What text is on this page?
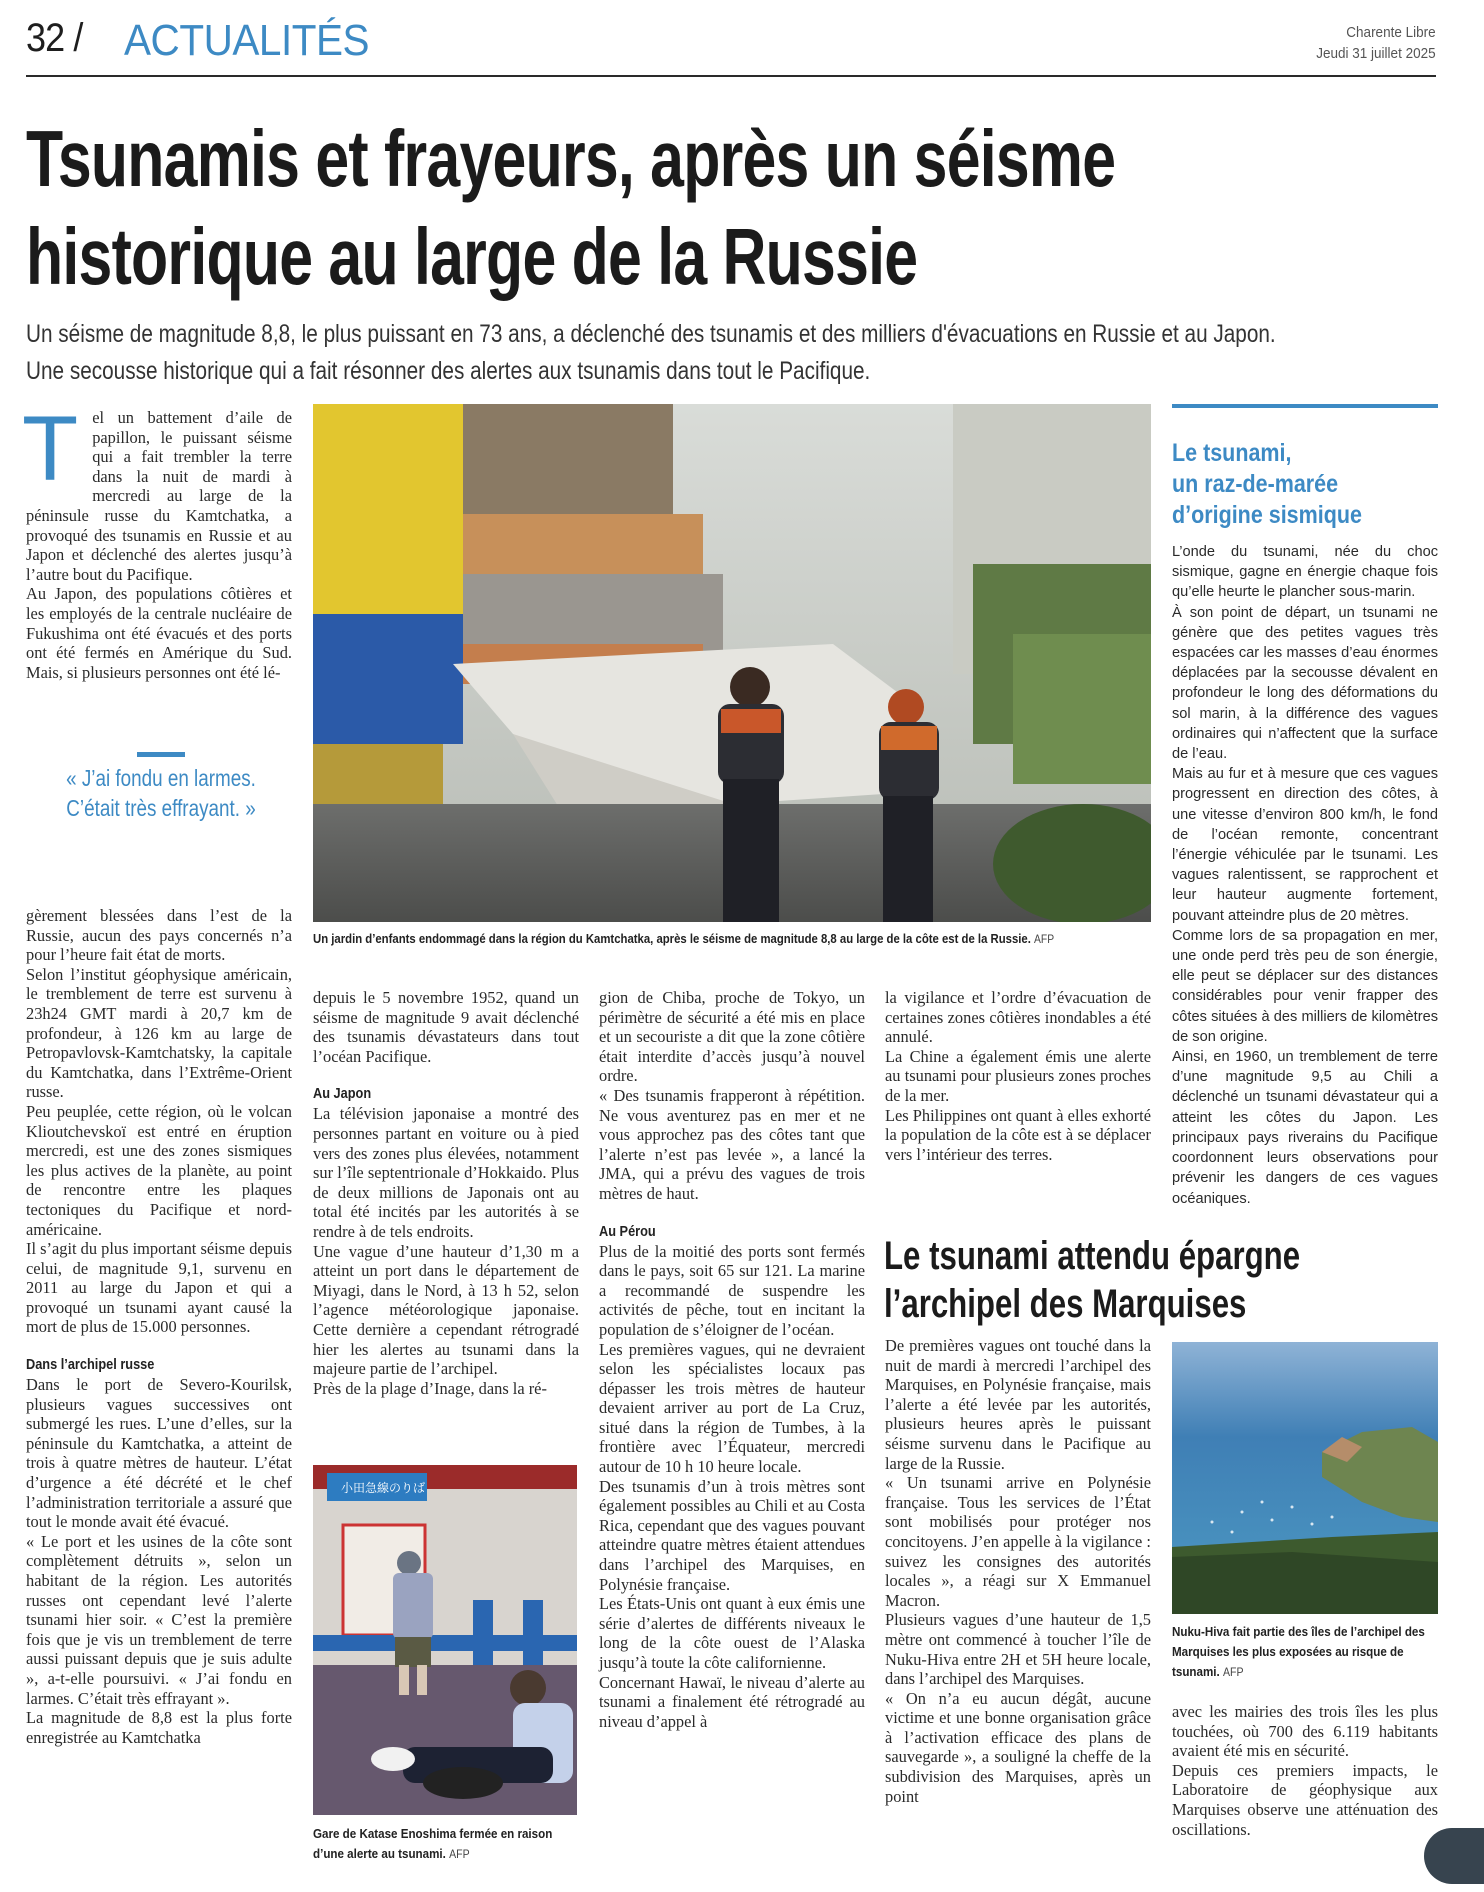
32 / ACTUALITÉS	Charente Libre
Jeudi 31 juillet 2025
Tsunamis et frayeurs, après un séisme historique au large de la Russie
Un séisme de magnitude 8,8, le plus puissant en 73 ans, a déclenché des tsunamis et des milliers d'évacuations en Russie et au Japon.
Une secousse historique qui a fait résonner des alertes aux tsunamis dans tout le Pacifique.
T el un battement d’aile de papillon, le puissant séisme qui a fait trembler la terre dans la nuit de mardi à mercredi au large de la péninsule russe du Kamtchatka, a provoqué des tsunamis en Russie et au Japon et déclenché des alertes jusqu’à l’autre bout du Pacifique.

Au Japon, des populations côtières et les employés de la centrale nucléaire de Fukushima ont été évacués et des ports ont été fermés en Amérique du Sud. Mais, si plusieurs personnes ont été lé-

« J’ai fondu en larmes. C’était très effrayant. »

gèrement blessées dans l’est de la Russie, aucun des pays concernés n’a pour l’heure fait état de morts.

Selon l’institut géophysique américain, le tremblement de terre est survenu à 23h24 GMT mardi à 20,7 km de profondeur, à 126 km au large de Petropavlovsk-Kamtchatsky, la capitale du Kamtchatka, dans l’Extrême-Orient russe.

Peu peuplée, cette région, où le volcan Klioutchevskoï est entré en éruption mercredi, est une des zones sismiques les plus actives de la planète, au point de rencontre entre les plaques tectoniques du Pacifique et nord-américaine.

Il s’agit du plus important séisme depuis celui, de magnitude 9,1, survenu en 2011 au large du Japon et qui a provoqué un tsunami ayant causé la mort de plus de 15.000 personnes.

Dans l’archipel russe

Dans le port de Severo-Kourilsk, plusieurs vagues successives ont submergé les rues. L’une d’elles, sur la péninsule du Kamtchatka, a atteint de trois à quatre mètres de hauteur. L’état d’urgence a été décrété et le chef l’administration territoriale a assuré que tout le monde avait été évacué.

« Le port et les usines de la côte sont complètement détruits », selon un habitant de la région. Les autorités russes ont cependant levé l’alerte tsunami hier soir. « C’est la première fois que je vis un tremblement de terre aussi puissant depuis que je suis adulte », a-t-elle poursuivi. « J’ai fondu en larmes. C’était très effrayant ».

La magnitude de 8,8 est la plus forte enregistrée au Kamtchatka

Un jardin d’enfants endommagé dans la région du Kamtchatka, après le séisme de magnitude 8,8 au large de la côte est de la Russie. AFP

depuis le 5 novembre 1952, quand un séisme de magnitude 9 avait déclenché des tsunamis dévastateurs dans tout l’océan Pacifique.

Au Japon

La télévision japonaise a montré des personnes partant en voiture ou à pied vers des zones plus élevées, notamment sur l’île septentrionale d’Hokkaido. Plus de deux millions de Japonais ont au total été incités par les autorités à se rendre à de tels endroits.

Une vague d’une hauteur d’1,30 m a atteint un port dans le département de Miyagi, dans le Nord, à 13 h 52, selon l’agence météorologique japonaise. Cette dernière a cependant rétrogradé hier les alertes au tsunami dans la majeure partie de l’archipel.

Près de la plage d’Inage, dans la ré-

小田急線のりば
Gare de Katase Enoshima fermée en raison d’une alerte au tsunami. AFP

gion de Chiba, proche de Tokyo, un périmètre de sécurité a été mis en place et un secouriste a dit que la zone côtière était interdite d’accès jusqu’à nouvel ordre.

« Des tsunamis frapperont à répétition. Ne vous aventurez pas en mer et ne vous approchez pas des côtes tant que l’alerte n’est pas levée », a lancé la JMA, qui a prévu des vagues de trois mètres de haut.

Au Pérou

Plus de la moitié des ports sont fermés dans le pays, soit 65 sur 121. La marine a recommandé de suspendre les activités de pêche, tout en incitant la population de s’éloigner de l’océan.

Les premières vagues, qui ne devraient selon les spécialistes locaux pas dépasser les trois mètres de hauteur devaient arriver au port de La Cruz, situé dans la région de Tumbes, à la frontière avec l’Équateur, mercredi autour de 10 h 10 heure locale.

Des tsunamis d’un à trois mètres sont également possibles au Chili et au Costa Rica, cependant que des vagues pouvant atteindre quatre mètres étaient attendues dans l’archipel des Marquises, en Polynésie française.

Les États-Unis ont quant à eux émis une série d’alertes de différents niveaux le long de la côte ouest de l’Alaska jusqu’à toute la côte californienne.

Concernant Hawaï, le niveau d’alerte au tsunami a finalement été rétrogradé au niveau d’appel à

la vigilance et l’ordre d’évacuation de certaines zones côtières inondables a été annulé.

La Chine a également émis une alerte au tsunami pour plusieurs zones proches de la mer.

Les Philippines ont quant à elles exhorté la population de la côte est à se déplacer vers l’intérieur des terres.

Le tsunami,
un raz-de-marée
d’origine sismique

L’onde du tsunami, née du choc sismique, gagne en énergie chaque fois qu’elle heurte le plancher sous-marin.

À son point de départ, un tsunami ne génère que des petites vagues très espacées car les masses d’eau énormes déplacées par la secousse dévalent en profondeur le long des déformations du sol marin, à la différence des vagues ordinaires qui n’affectent que la surface de l’eau.

Mais au fur et à mesure que ces vagues progressent en direction des côtes, à une vitesse d’environ 800 km/h, le fond de l’océan remonte, concentrant l’énergie véhiculée par le tsunami. Les vagues ralentissent, se rapprochent et leur hauteur augmente fortement, pouvant atteindre plus de 20 mètres.

Comme lors de sa propagation en mer, une onde perd très peu de son énergie, elle peut se déplacer sur des distances considérables pour venir frapper des côtes situées à des milliers de kilomètres de son origine.

Ainsi, en 1960, un tremblement de terre d’une magnitude 9,5 au Chili a déclenché un tsunami dévastateur qui a atteint les côtes du Japon. Les principaux pays riverains du Pacifique coordonnent leurs observations pour prévenir les dangers de ces vagues océaniques.

Le tsunami attendu épargne
l’archipel des Marquises

De premières vagues ont touché dans la nuit de mardi à mercredi l’archipel des Marquises, en Polynésie française, mais l’alerte a été levée par les autorités, plusieurs heures après le puissant séisme survenu dans le Pacifique au large de la Russie.

« Un tsunami arrive en Polynésie française. Tous les services de l’État sont mobilisés pour protéger nos concitoyens. J’en appelle à la vigilance : suivez les consignes des autorités locales », a réagi sur X Emmanuel Macron.

Plusieurs vagues d’une hauteur de 1,5 mètre ont commencé à toucher l’île de Nuku-Hiva entre 2H et 5H heure locale, dans l’archipel des Marquises.

« On n’a eu aucun dégât, aucune victime et une bonne organisation grâce à l’activation efficace des plans de sauvegarde », a souligné la cheffe de la subdivision des Marquises, après un point

Nuku-Hiva fait partie des îles de l’archipel des Marquises les plus exposées au risque de tsunami. AFP

avec les mairies des trois îles les plus touchées, où 700 des 6.119 habitants avaient été mis en sécurité.

Depuis ces premiers impacts, le Laboratoire de géophysique aux Marquises observe une atténuation des oscillations.
